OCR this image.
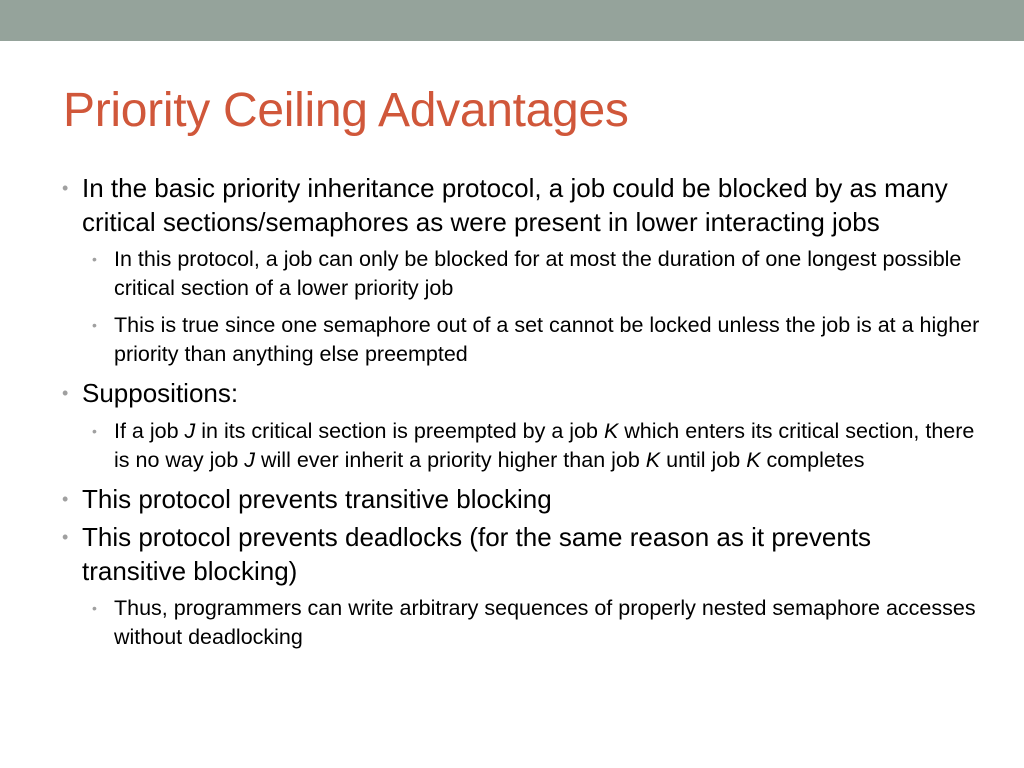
Priority Ceiling Advantages
• In the basic priority inheritance protocol, a job could be blocked by as many critical sections/semaphores as were present in lower interacting jobs
• In this protocol, a job can only be blocked for at most the duration of one longest possible critical section of a lower priority job
• This is true since one semaphore out of a set cannot be locked unless the job is at a higher priority than anything else preempted
• Suppositions:
• If a job J in its critical section is preempted by a job K which enters its critical section, there is no way job J will ever inherit a priority higher than job K until job K completes
• This protocol prevents transitive blocking
• This protocol prevents deadlocks (for the same reason as it prevents transitive blocking)
• Thus, programmers can write arbitrary sequences of properly nested semaphore accesses without deadlocking
